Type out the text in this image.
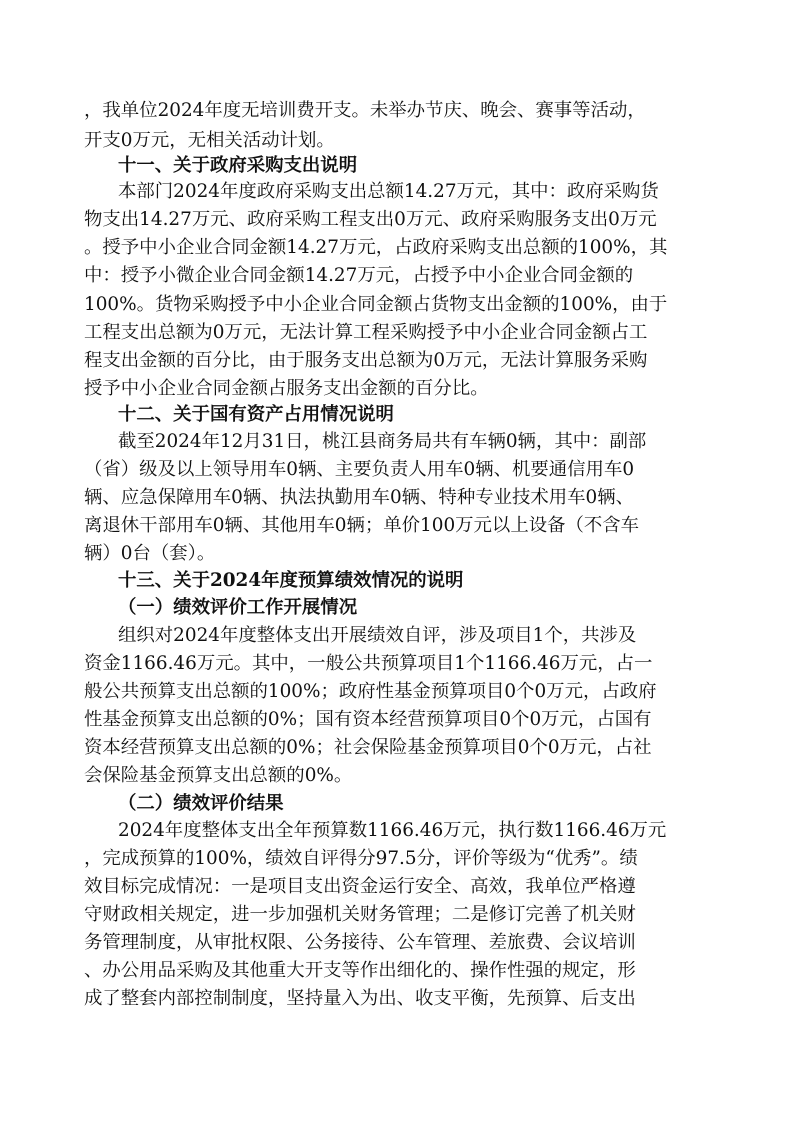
，我单位2024年度无培训费开支。未举办节庆、晚会、赛事等活动，
开支0万元，无相关活动计划。
十一、关于政府采购支出说明
本部门2024年度政府采购支出总额14.27万元，其中：政府采购货
物支出14.27万元、政府采购工程支出0万元、政府采购服务支出0万元
。授予中小企业合同金额14.27万元，占政府采购支出总额的100%，其
中：授予小微企业合同金额14.27万元，占授予中小企业合同金额的
100%。货物采购授予中小企业合同金额占货物支出金额的100%，由于
工程支出总额为0万元，无法计算工程采购授予中小企业合同金额占工
程支出金额的百分比，由于服务支出总额为0万元，无法计算服务采购
授予中小企业合同金额占服务支出金额的百分比。
十二、关于国有资产占用情况说明
截至2024年12月31日，桃江县商务局共有车辆0辆，其中：副部
（省）级及以上领导用车0辆、主要负责人用车0辆、机要通信用车0
辆、应急保障用车0辆、执法执勤用车0辆、特种专业技术用车0辆、
离退休干部用车0辆、其他用车0辆；单价100万元以上设备（不含车
辆）0台（套）。
十三、关于2024年度预算绩效情况的说明
（一）绩效评价工作开展情况
组织对2024年度整体支出开展绩效自评，涉及项目1个，共涉及
资金1166.46万元。其中，一般公共预算项目1个1166.46万元，占一
般公共预算支出总额的100%；政府性基金预算项目0个0万元，占政府
性基金预算支出总额的0%；国有资本经营预算项目0个0万元，占国有
资本经营预算支出总额的0%；社会保险基金预算项目0个0万元，占社
会保险基金预算支出总额的0%。
（二）绩效评价结果
2024年度整体支出全年预算数1166.46万元，执行数1166.46万元
，完成预算的100%，绩效自评得分97.5分，评价等级为“优秀”。绩
效目标完成情况：一是项目支出资金运行安全、高效，我单位严格遵
守财政相关规定，进一步加强机关财务管理；二是修订完善了机关财
务管理制度，从审批权限、公务接待、公车管理、差旅费、会议培训
、办公用品采购及其他重大开支等作出细化的、操作性强的规定，形
成了整套内部控制制度，坚持量入为出、收支平衡，先预算、后支出
